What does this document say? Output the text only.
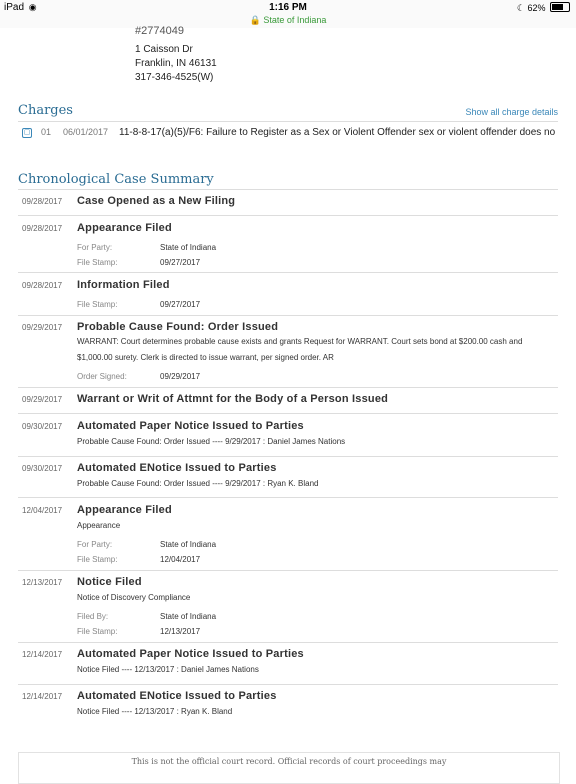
iPad ◉	1:16 PM
🔒 State of Indiana
☾ 62%
#2774049
1 Caisson Dr
Franklin, IN 46131
317-346-4525(W)
Charges	Show all charge details
▢ 01 06/01/2017 11-8-8-17(a)(5)/F6: Failure to Register as a Sex or Violent Offender sex or violent offender does no
Chronological Case Summary
09/28/2017 Case Opened as a New Filing
09/28/2017 Appearance Filed
For Party:	State of Indiana
File Stamp:	09/27/2017
09/28/2017 Information Filed
File Stamp:	09/27/2017
09/29/2017 Probable Cause Found: Order Issued
WARRANT: Court determines probable cause exists and grants Request for WARRANT. Court sets bond at $200.00 cash and $1,000.00 surety. Clerk is directed to issue warrant, per signed order. AR
Order Signed:	09/29/2017
09/29/2017 Warrant or Writ of Attmnt for the Body of a Person Issued
09/30/2017 Automated Paper Notice Issued to Parties
Probable Cause Found: Order Issued ---- 9/29/2017 : Daniel James Nations
09/30/2017 Automated ENotice Issued to Parties
Probable Cause Found: Order Issued ---- 9/29/2017 : Ryan K. Bland
12/04/2017 Appearance Filed
Appearance
For Party:	State of Indiana
File Stamp:	12/04/2017
12/13/2017 Notice Filed
Notice of Discovery Compliance
Filed By:	State of Indiana
File Stamp:	12/13/2017
12/14/2017 Automated Paper Notice Issued to Parties
Notice Filed ---- 12/13/2017 : Daniel James Nations
12/14/2017 Automated ENotice Issued to Parties
Notice Filed ---- 12/13/2017 : Ryan K. Bland
This is not the official court record. Official records of court proceedings may
